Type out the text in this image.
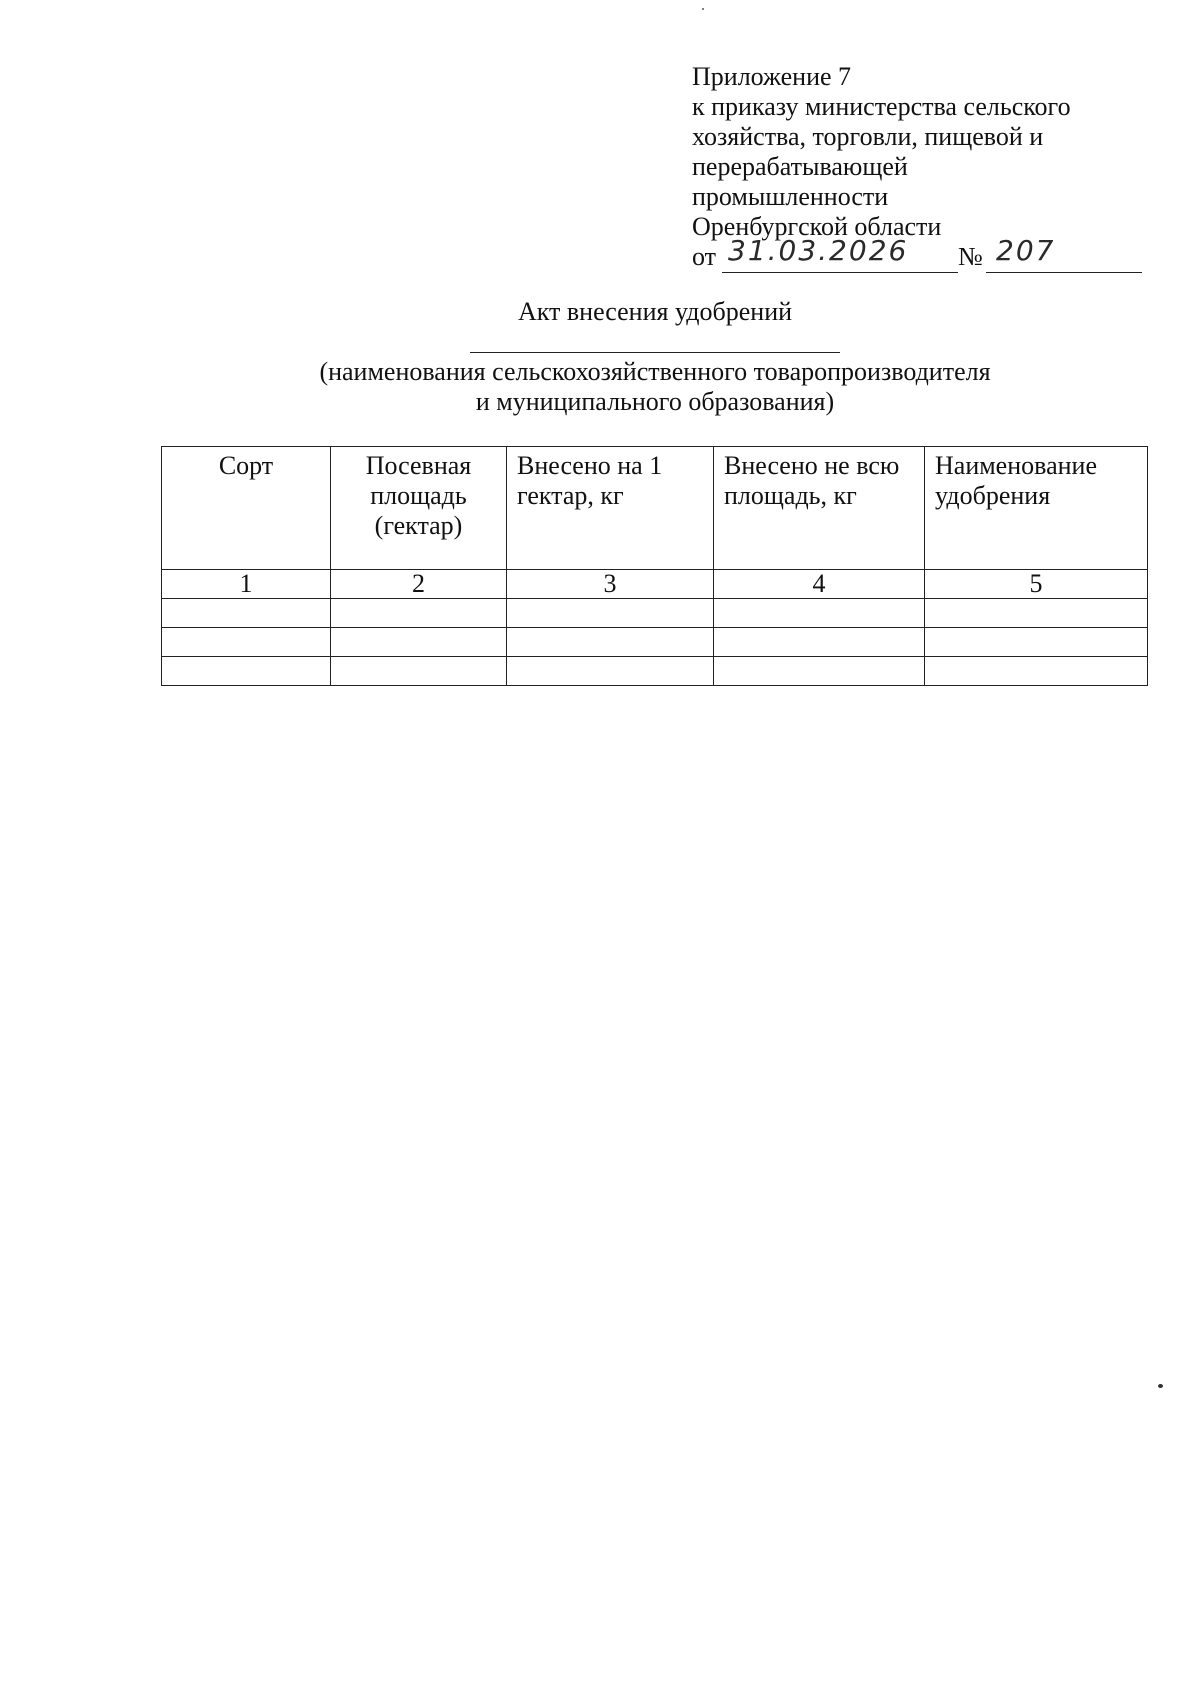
Приложение 7
к приказу министерства сельского
хозяйства, торговли, пищевой и
перерабатывающей
промышленности
Оренбургской области
от 31.03.2026 № 207
Акт внесения удобрений
(наименования сельскохозяйственного товаропроизводителя
и муниципального образования)
Сорт	Посевная площадь (гектар)	Внесено на 1 гектар, кг	Внесено не всю площадь, кг	Наименование удобрения
1	2	3	4	5
